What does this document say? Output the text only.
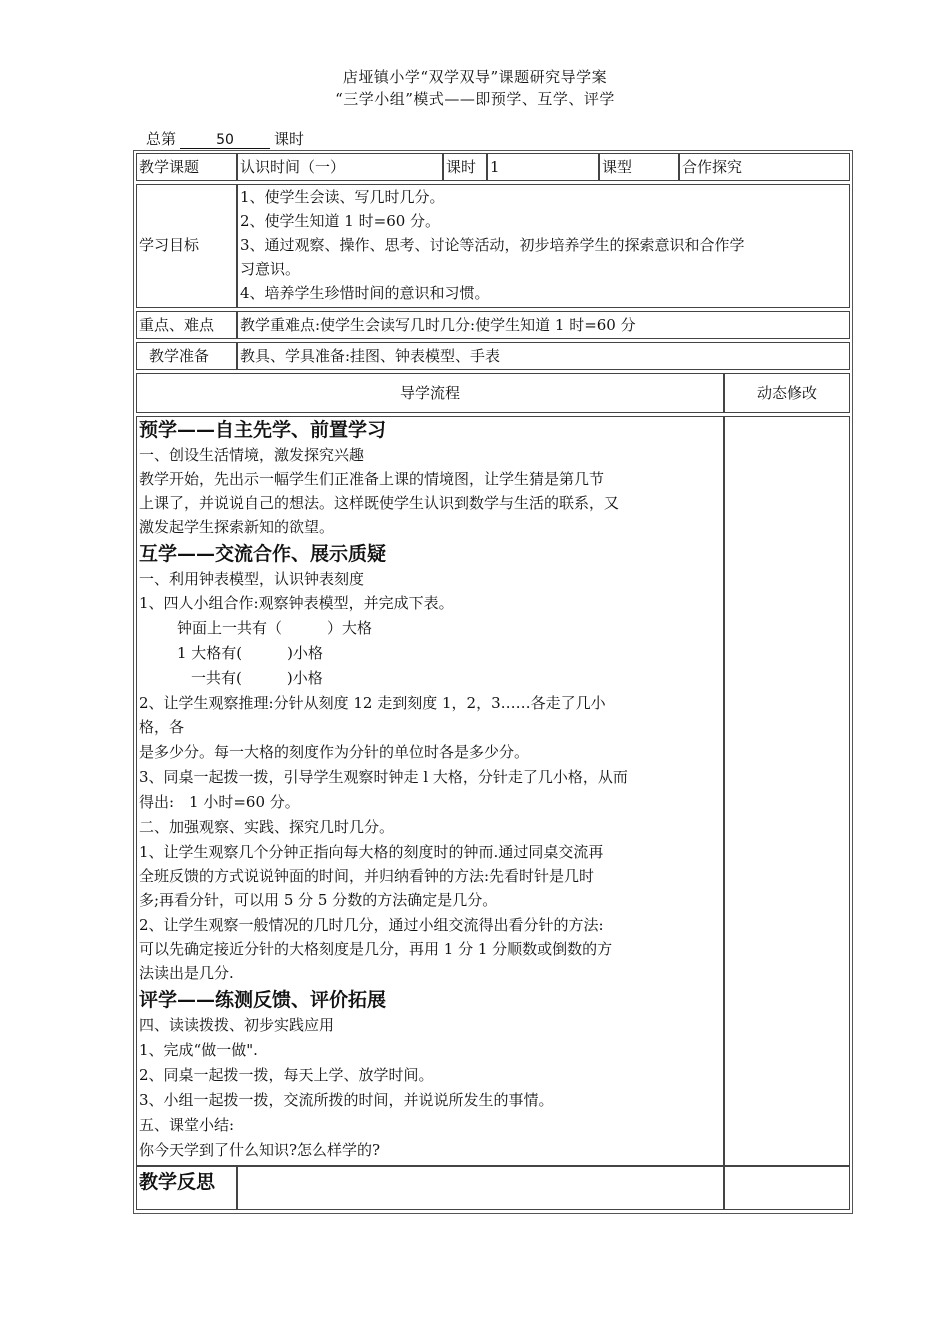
店垭镇小学“双学双导”课题研究导学案
“三学小组”模式——即预学、互学、评学
总第	50	课时
教学课题	认识时间（一）	课时 1	课型	合作探究
学习目标
1、使学生会读、写几时几分。
2、使学生知道 1 时=60 分。
3、通过观察、操作、思考、讨论等活动，初步培养学生的探索意识和合作学
习意识。
4、培养学生珍惜时间的意识和习惯。
重点、难点 教学重难点:使学生会读写几时几分:使学生知道 1 时=60 分
教学准备 教具、学具准备:挂图、钟表模型、手表
导学流程	动态修改
预学——自主先学、前置学习
一、创设生活情境，激发探究兴趣
教学开始，先出示一幅学生们正准备上课的情境图，让学生猜是第几节
上课了，并说说自己的想法。这样既使学生认识到数学与生活的联系，又
激发起学生探索新知的欲望。
互学——交流合作、展示质疑
一、利用钟表模型，认识钟表刻度
1、四人小组合作:观察钟表模型，并完成下表。
钟面上一共有（　　　）大格
1 大格有(　　　)小格
一共有(　　　)小格
2、让学生观察推理:分针从刻度 12 走到刻度 1，2，3……各走了几小
格，各
是多少分。每一大格的刻度作为分针的单位时各是多少分。
3、同桌一起拨一拨，引导学生观察时钟走 l 大格，分针走了几小格，从而
得出:　1 小时=60 分。
二、加强观察、实践、探究几时几分。
1、让学生观察几个分钟正指向每大格的刻度时的钟而.通过同桌交流再
全班反馈的方式说说钟面的时间，并归纳看钟的方法:先看时针是几时
多;再看分针，可以用 5 分 5 分数的方法确定是几分。
2、让学生观察一般情况的几时几分，通过小组交流得出看分针的方法:
可以先确定接近分针的大格刻度是几分，再用 1 分 1 分顺数或倒数的方
法读出是几分.
评学——练测反馈、评价拓展
四、读读拨拨、初步实践应用
1、完成“做一做".
2、同桌一起拨一拨，每天上学、放学时间。
3、小组一起拨一拨，交流所拨的时间，并说说所发生的事情。
五、课堂小结:
你今天学到了什么知识?怎么样学的?
教学反思
